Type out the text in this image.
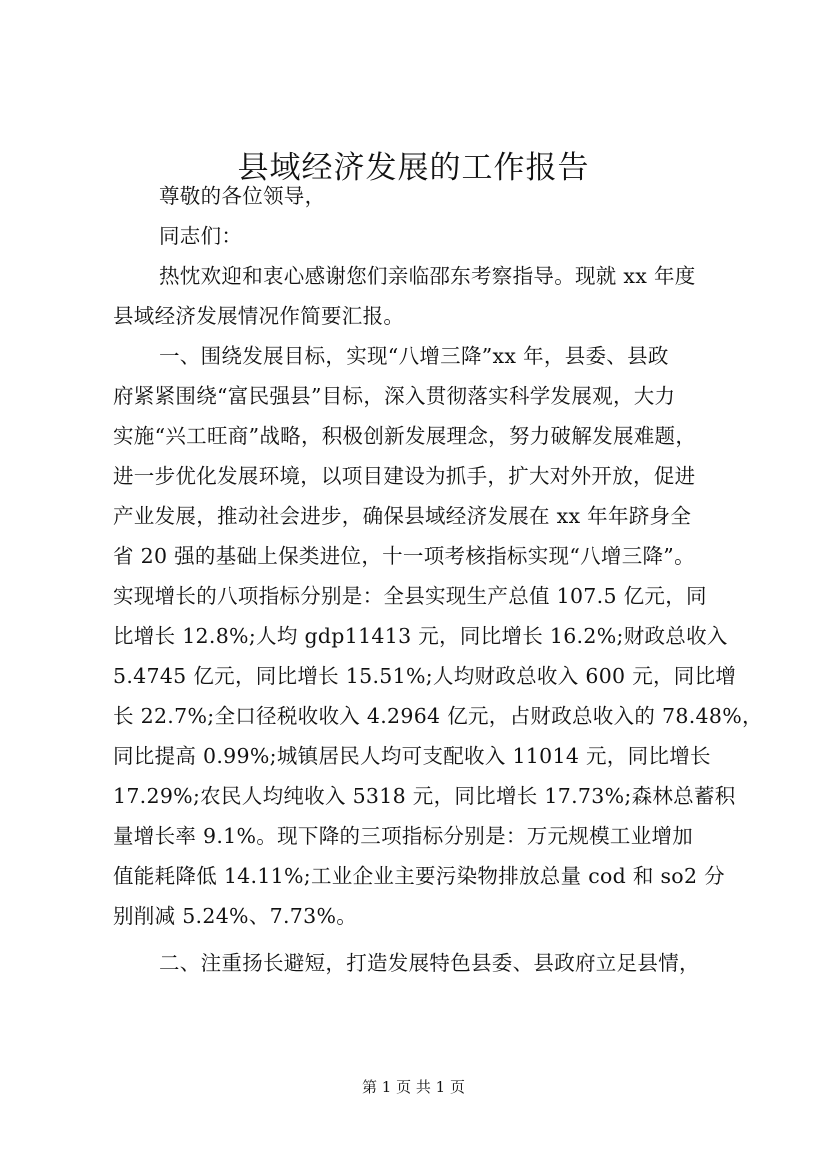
县域经济发展的工作报告

尊敬的各位领导，

同志们：

热忱欢迎和衷心感谢您们亲临邵东考察指导。现就 xx 年度

县域经济发展情况作简要汇报。

一、围绕发展目标，实现“八增三降”xx 年，县委、县政

府紧紧围绕“富民强县”目标，深入贯彻落实科学发展观，大力

实施“兴工旺商”战略，积极创新发展理念，努力破解发展难题，

进一步优化发展环境，以项目建设为抓手，扩大对外开放，促进

产业发展，推动社会进步，确保县域经济发展在 xx 年年跻身全

省 20 强的基础上保类进位，十一项考核指标实现“八增三降”。

实现增长的八项指标分别是：全县实现生产总值 107.5 亿元，同

比增长 12.8%;人均 gdp11413 元，同比增长 16.2%;财政总收入

5.4745 亿元，同比增长 15.51%;人均财政总收入 600 元，同比增

长 22.7%;全口径税收收入 4.2964 亿元，占财政总收入的 78.48%，

同比提高 0.99%;城镇居民人均可支配收入 11014 元，同比增长

17.29%;农民人均纯收入 5318 元，同比增长 17.73%;森林总蓄积

量增长率 9.1%。现下降的三项指标分别是：万元规模工业增加

值能耗降低 14.11%;工业企业主要污染物排放总量 cod 和 so2 分

别削减 5.24%、7.73%。

二、注重扬长避短，打造发展特色县委、县政府立足县情，

第 1 页 共 1 页
